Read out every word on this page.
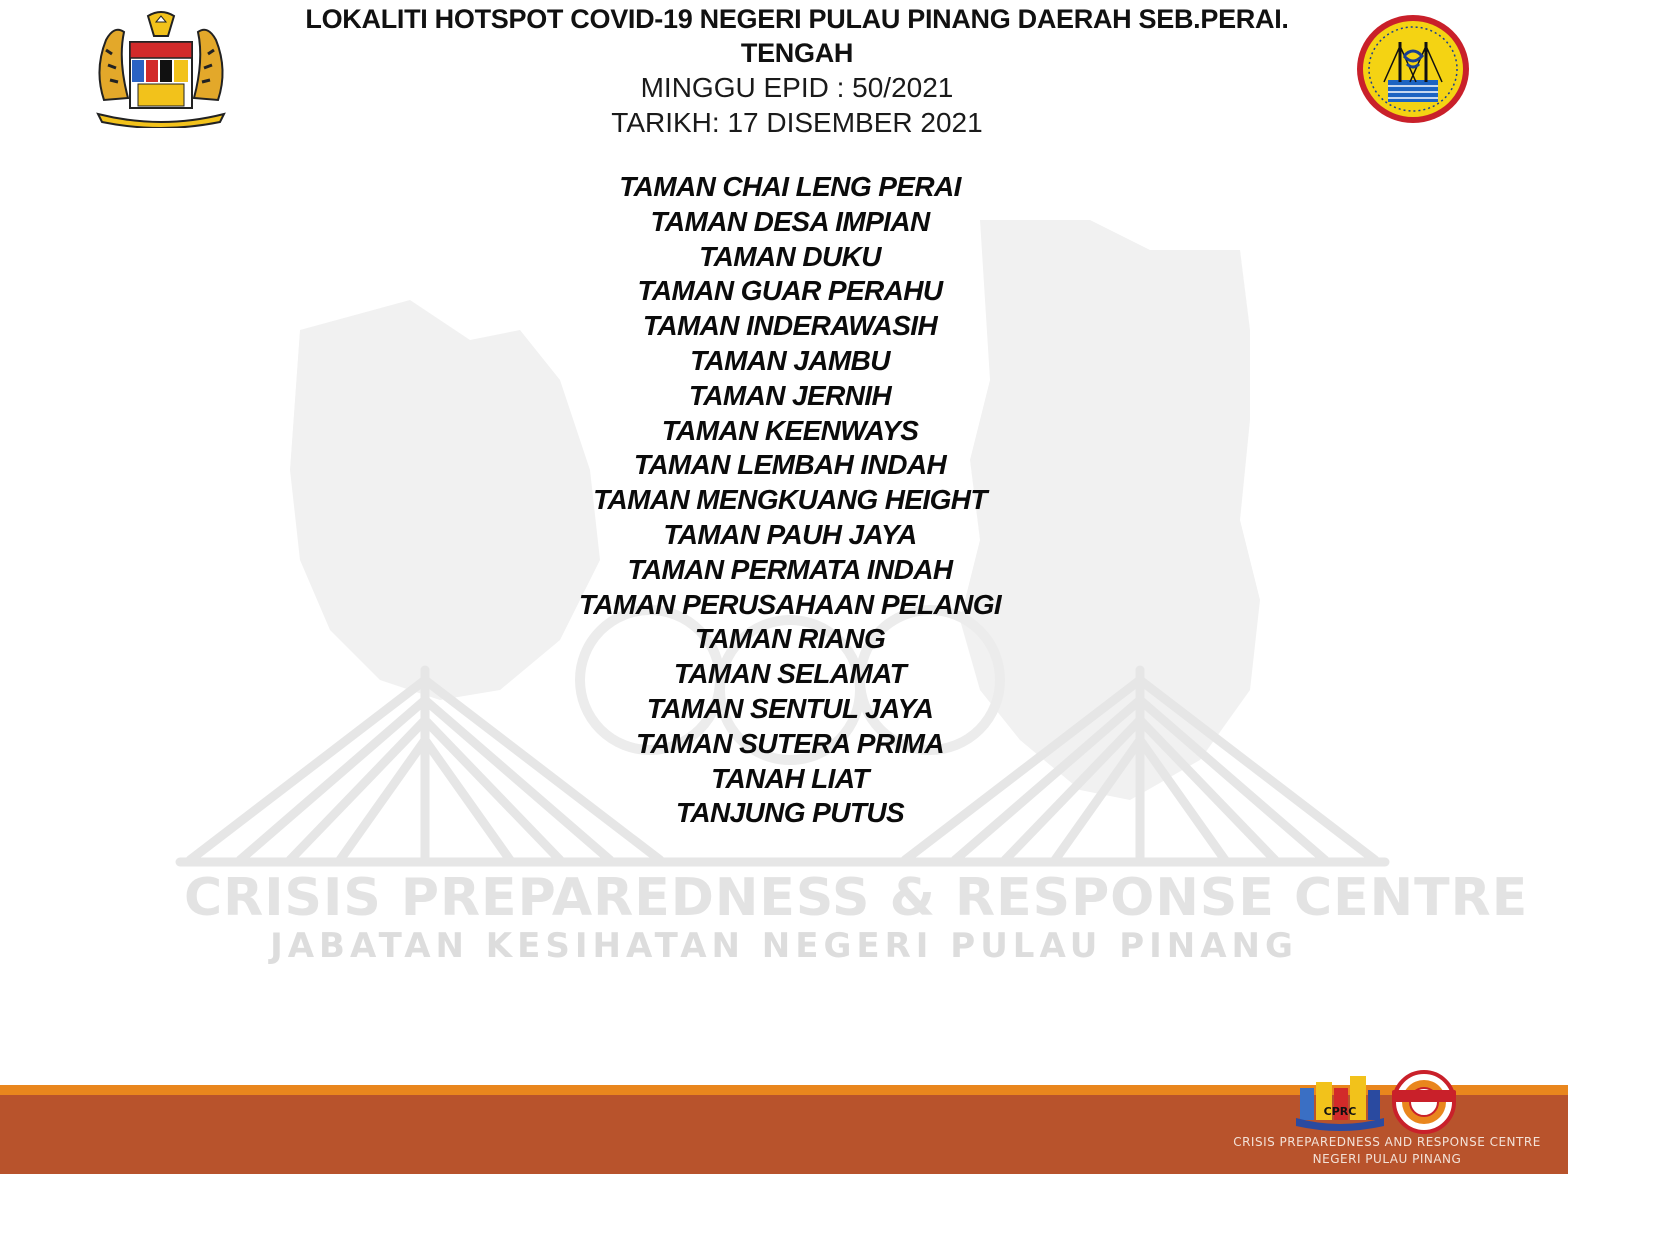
CRISIS PREPAREDNESS & RESPONSE CENTRE
JABATAN KESIHATAN NEGERI PULAU PINANG

LOKALITI HOTSPOT COVID-19 NEGERI PULAU PINANG DAERAH SEB.PERAI.

TENGAH

MINGGU EPID : 50/2021

TARIKH: 17 DISEMBER 2021

TAMAN CHAI LENG PERAI
TAMAN DESA IMPIAN
TAMAN DUKU
TAMAN GUAR PERAHU
TAMAN INDERAWASIH
TAMAN JAMBU
TAMAN JERNIH
TAMAN KEENWAYS
TAMAN LEMBAH INDAH
TAMAN MENGKUANG HEIGHT
TAMAN PAUH JAYA
TAMAN PERMATA INDAH
TAMAN PERUSAHAAN PELANGI
TAMAN RIANG
TAMAN SELAMAT
TAMAN SENTUL JAYA
TAMAN SUTERA PRIMA
TANAH LIAT
TANJUNG PUTUS
CPRC
CRISIS PREPAREDNESS AND RESPONSE CENTRE
NEGERI PULAU PINANG
